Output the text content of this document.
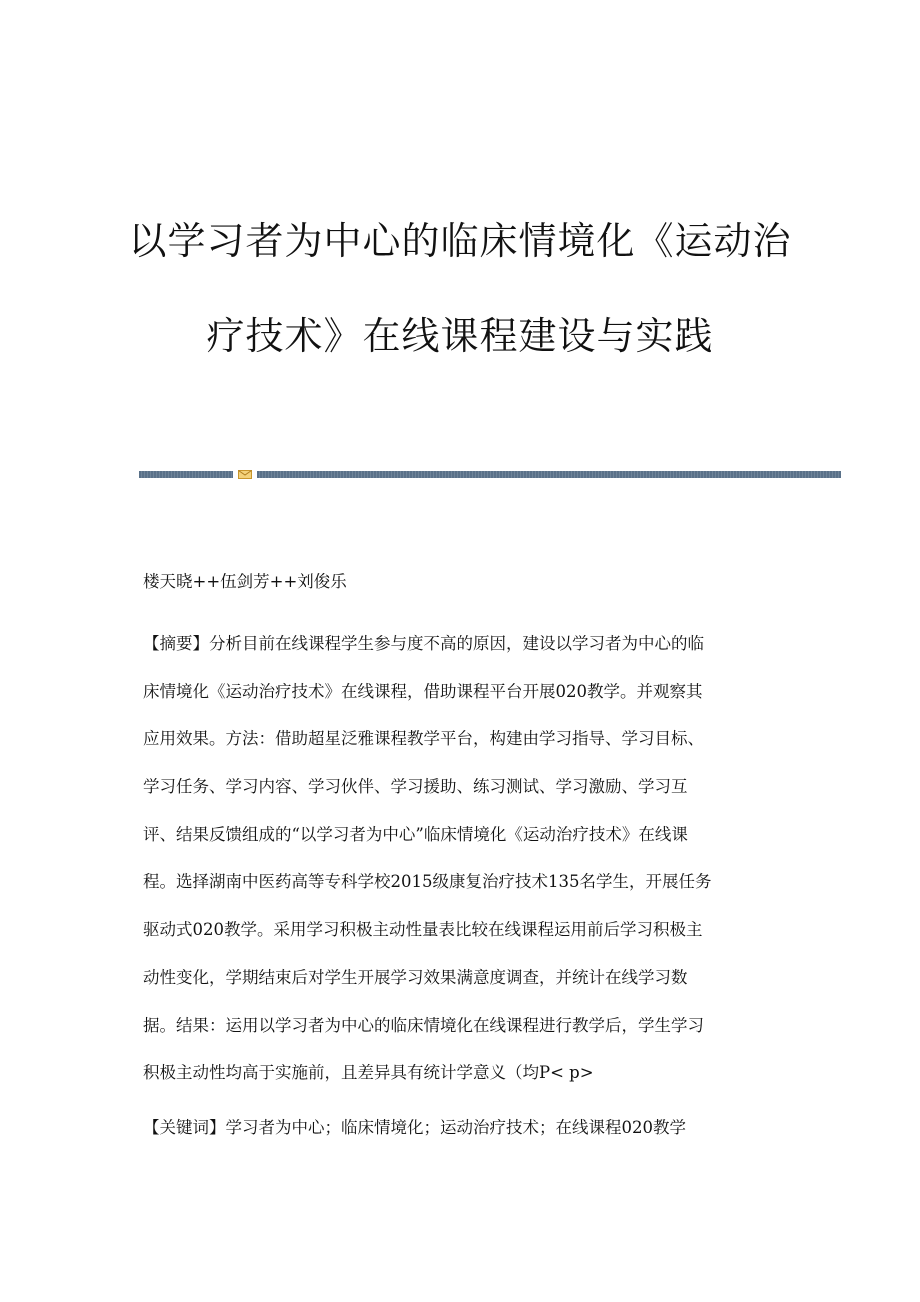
以学习者为中心的临床情境化《运动治
疗技术》在线课程建设与实践
楼天晓++伍剑芳++刘俊乐
【摘要】分析目前在线课程学生参与度不高的原因，建设以学习者为中心的临
床情境化《运动治疗技术》在线课程，借助课程平台开展020教学。并观察其
应用效果。方法：借助超星泛雅课程教学平台，构建由学习指导、学习目标、
学习任务、学习内容、学习伙伴、学习援助、练习测试、学习激励、学习互
评、结果反馈组成的“以学习者为中心”临床情境化《运动治疗技术》在线课
程。选择湖南中医药高等专科学校2015级康复治疗技术135名学生，开展任务
驱动式020教学。采用学习积极主动性量表比较在线课程运用前后学习积极主
动性变化，学期结束后对学生开展学习效果满意度调查，并统计在线学习数
据。结果：运用以学习者为中心的临床情境化在线课程进行教学后，学生学习
积极主动性均高于实施前，且差异具有统计学意义（均P< p>
【关键词】学习者为中心；临床情境化；运动治疗技术；在线课程020教学
